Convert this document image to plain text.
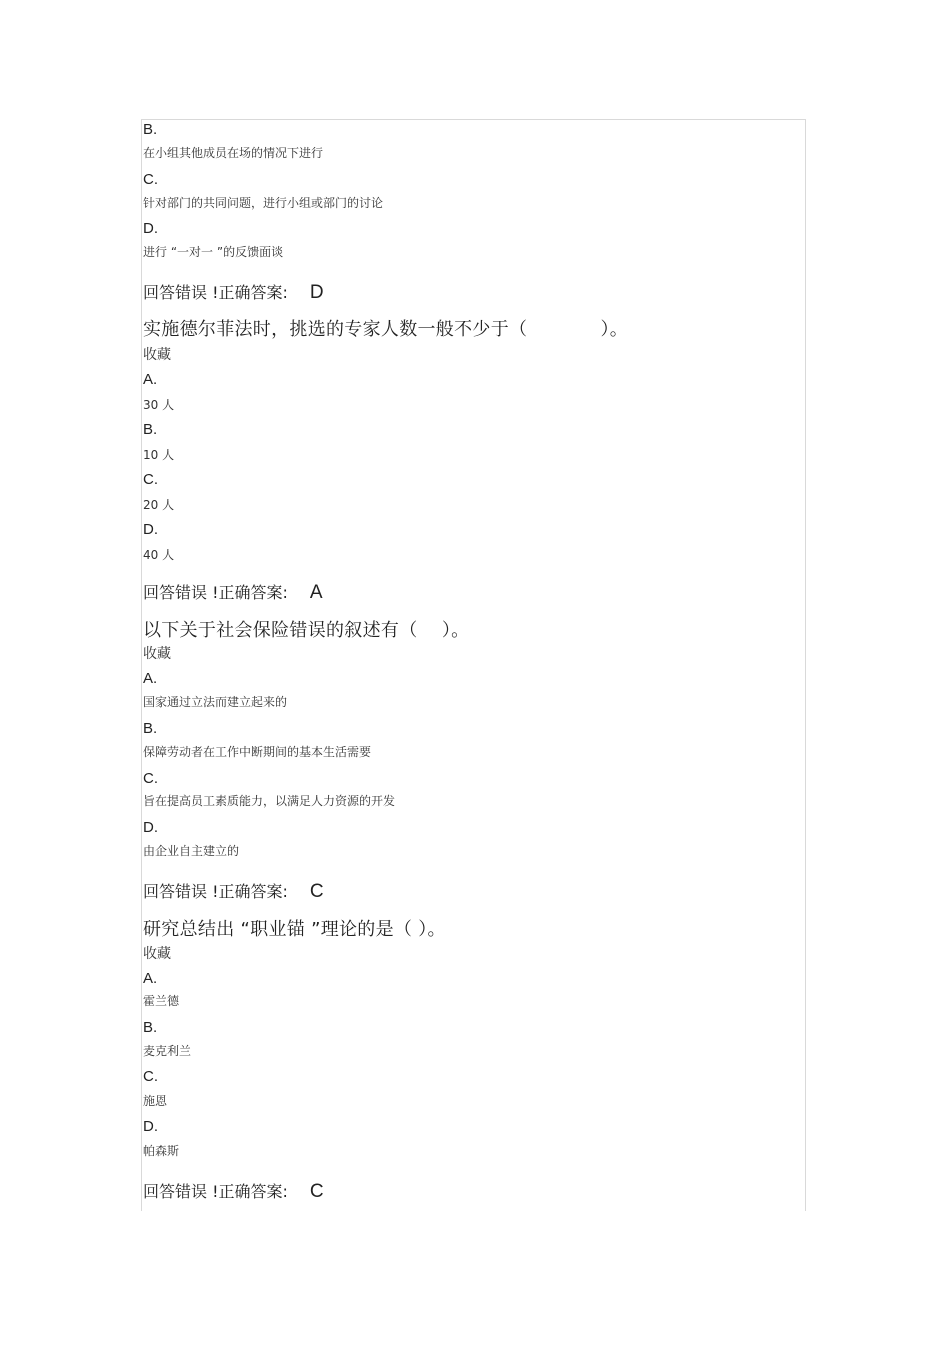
B.
在小组其他成员在场的情况下进行
C.
针对部门的共同问题，进行小组或部门的讨论
D.
进行 “一对一 ”的反馈面谈
回答错误 !正确答案: D
实施德尔菲法时，挑选的专家人数一般不少于（　　　　）。
收藏
A.
30 人
B.
10 人
C.
20 人
D.
40 人
回答错误 !正确答案: A
以下关于社会保险错误的叙述有（　 ）。
收藏
A.
国家通过立法而建立起来的
B.
保障劳动者在工作中断期间的基本生活需要
C.
旨在提高员工素质能力，以满足人力资源的开发
D.
由企业自主建立的
回答错误 !正确答案: C
研究总结出 “职业锚 ”理论的是（ ）。
收藏
A.
霍兰德
B.
麦克利兰
C.
施恩
D.
帕森斯
回答错误 !正确答案: C
